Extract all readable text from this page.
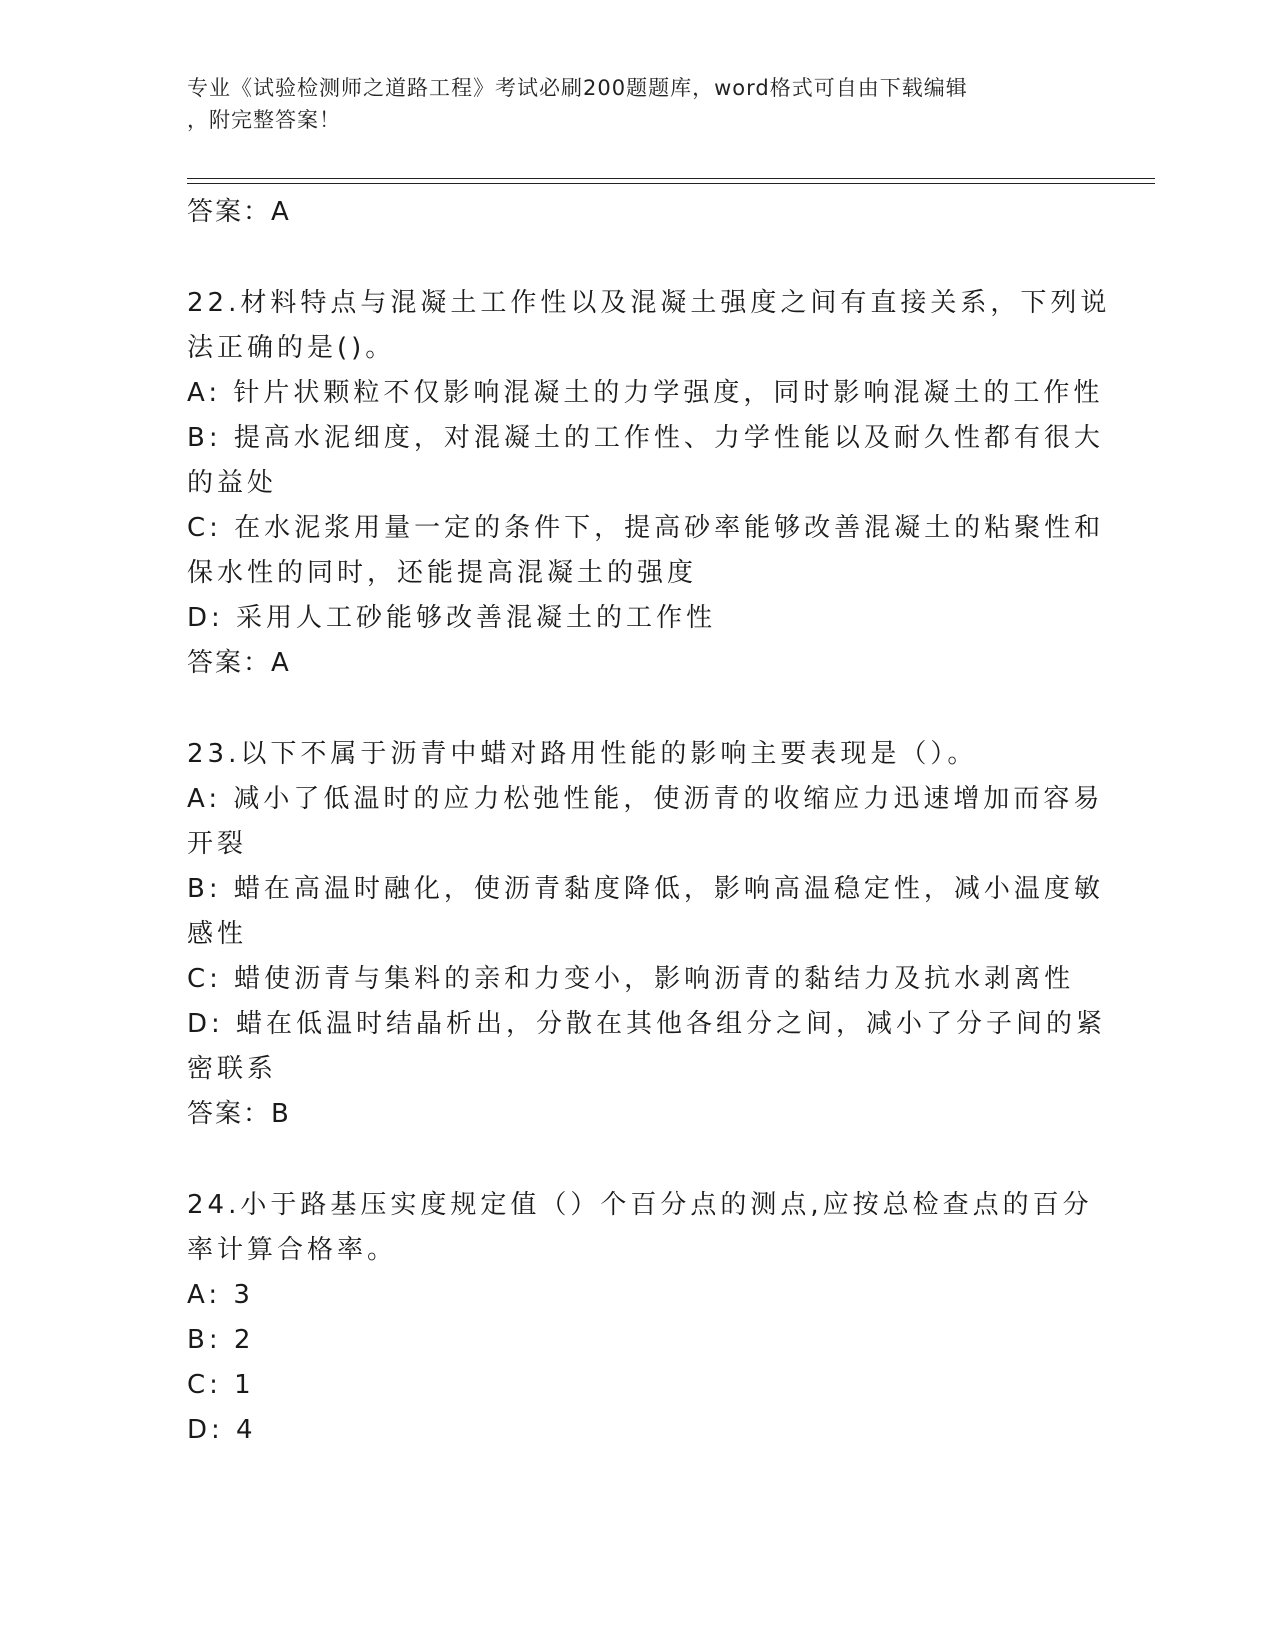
专业《试验检测师之道路工程》考试必刷200题题库，word格式可自由下载编辑
，附完整答案！
答案：A
22.材料特点与混凝土工作性以及混凝土强度之间有直接关系，下列说
法正确的是()。
A: 针片状颗粒不仅影响混凝土的力学强度，同时影响混凝土的工作性
B: 提高水泥细度，对混凝土的工作性、力学性能以及耐久性都有很大
的益处
C: 在水泥浆用量一定的条件下，提高砂率能够改善混凝土的粘聚性和
保水性的同时，还能提高混凝土的强度
D: 采用人工砂能够改善混凝土的工作性
答案：A
23.以下不属于沥青中蜡对路用性能的影响主要表现是（）。
A: 减小了低温时的应力松弛性能，使沥青的收缩应力迅速增加而容易
开裂
B: 蜡在高温时融化，使沥青黏度降低，影响高温稳定性，减小温度敏
感性
C: 蜡使沥青与集料的亲和力变小，影响沥青的黏结力及抗水剥离性
D: 蜡在低温时结晶析出，分散在其他各组分之间，减小了分子间的紧
密联系
答案：B
24.小于路基压实度规定值（）个百分点的测点,应按总检查点的百分
率计算合格率。
A: 3
B: 2
C: 1
D: 4
